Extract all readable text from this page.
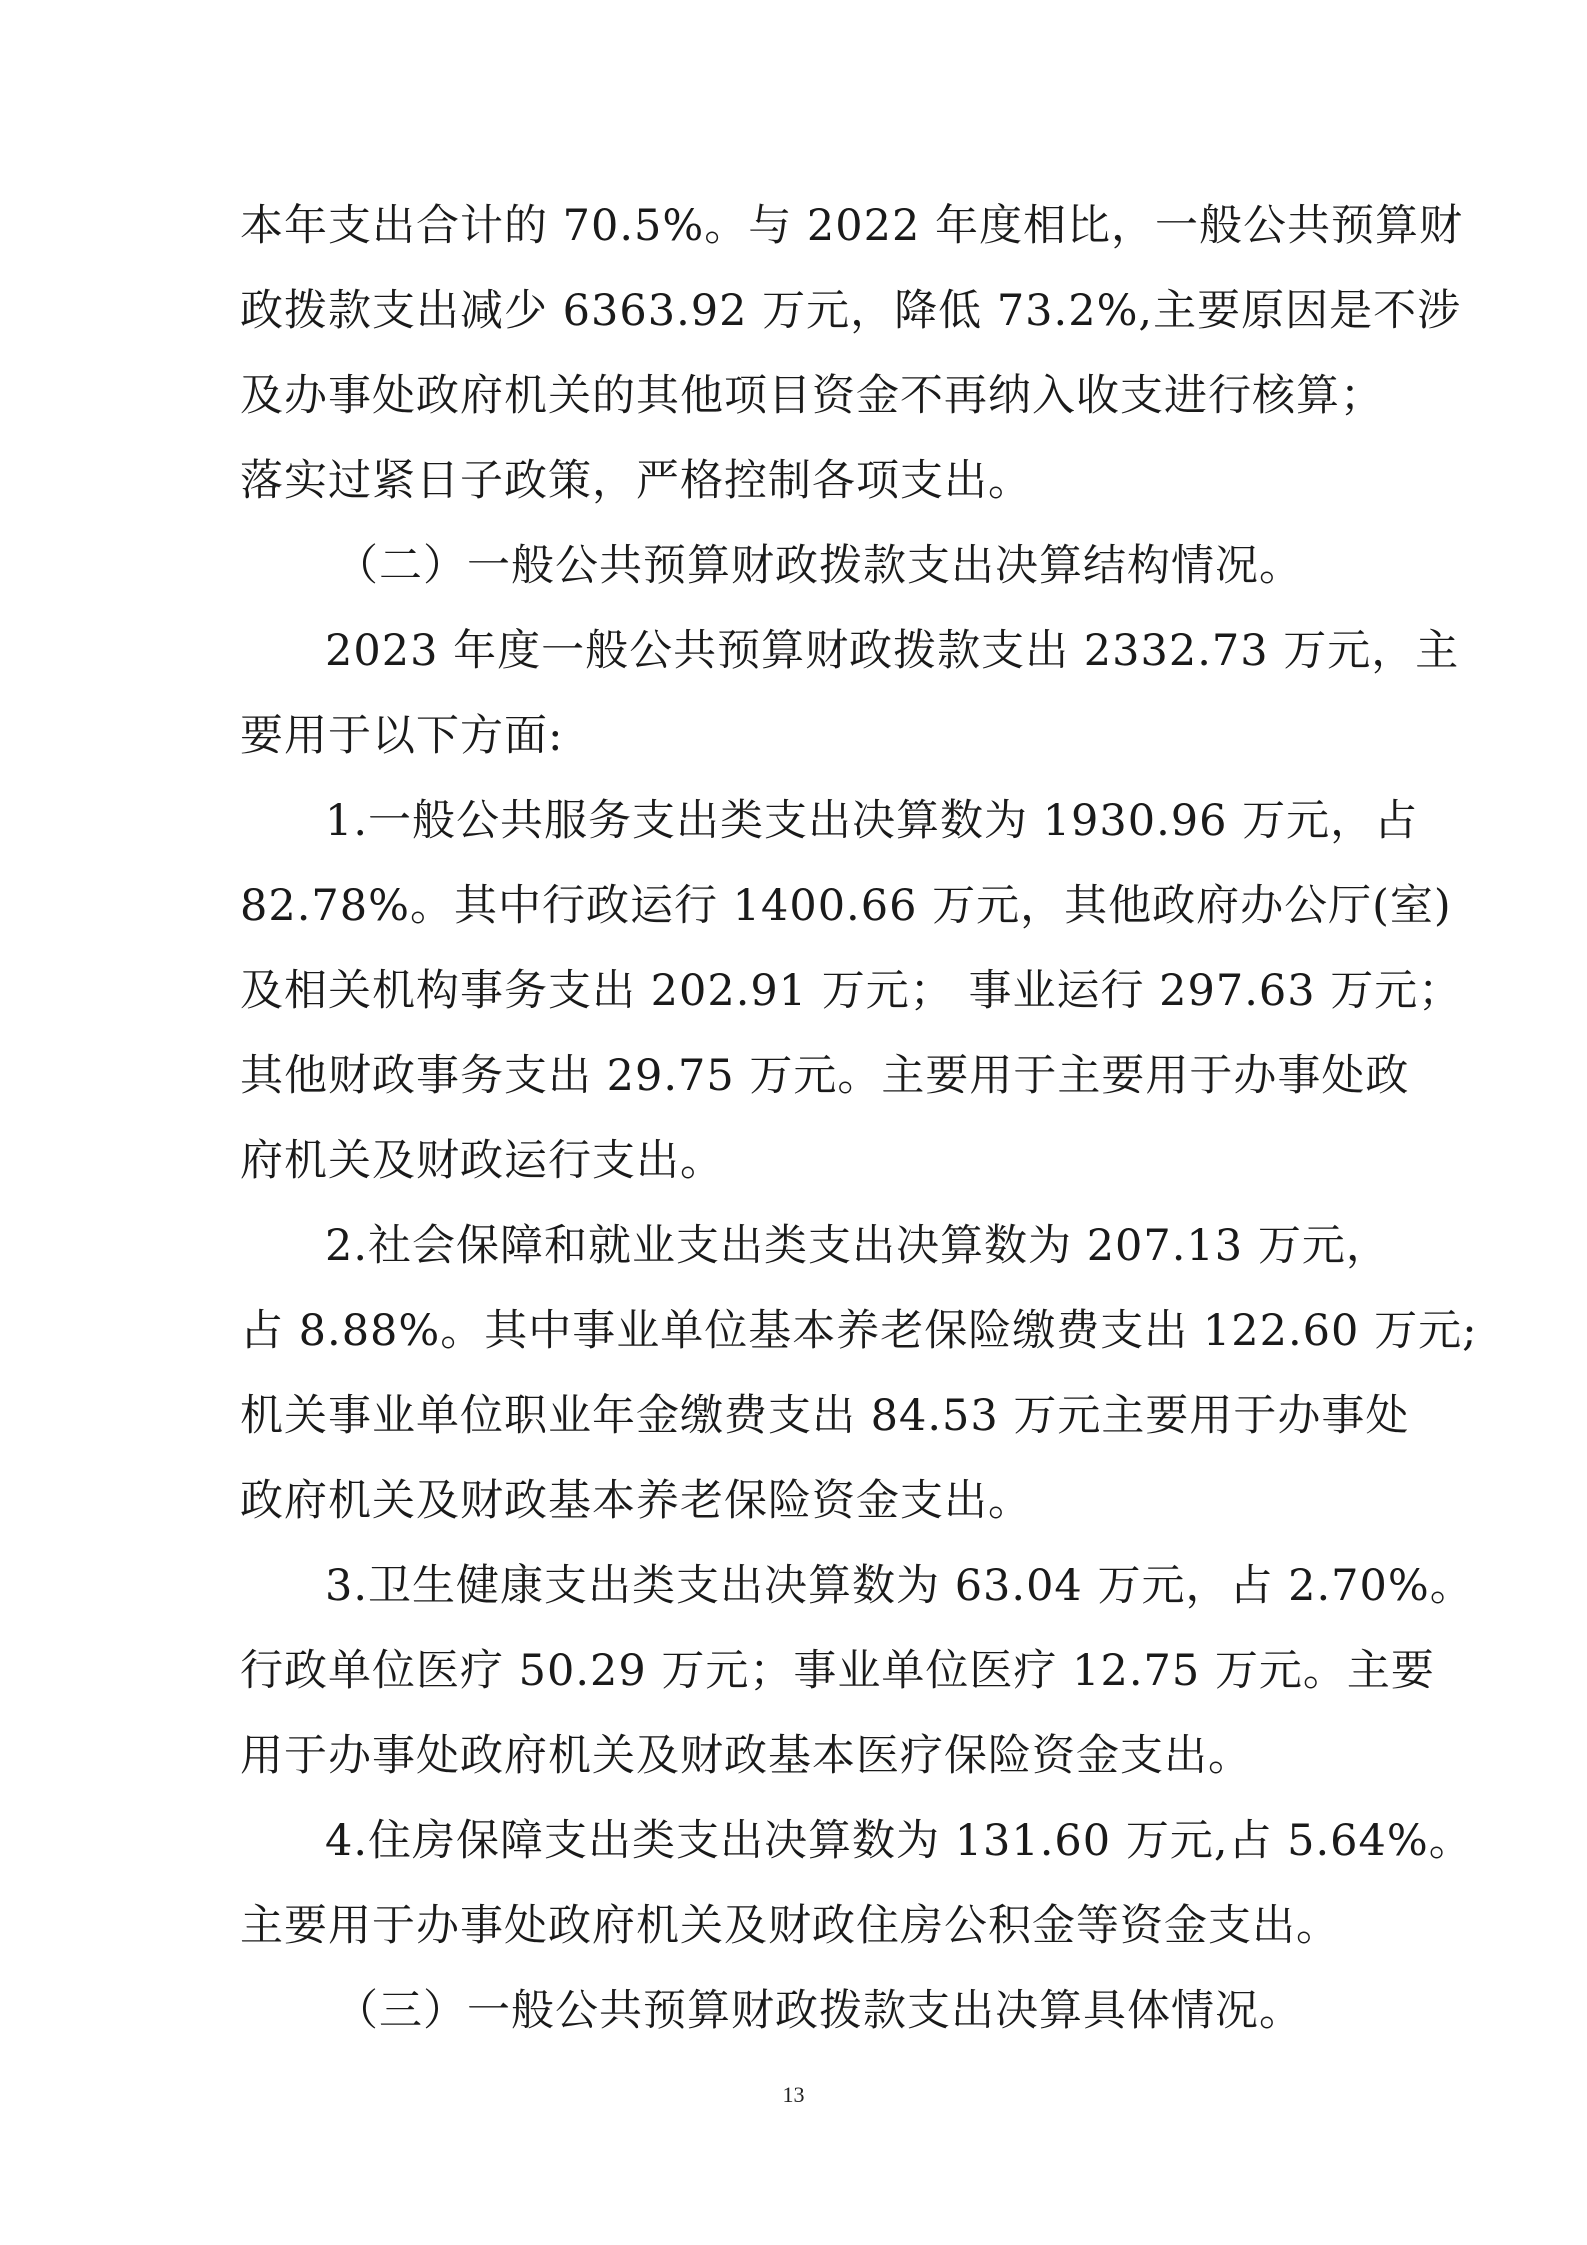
本年支出合计的 70.5%。与 2022 年度相比，一般公共预算财
政拨款支出减少 6363.92 万元，降低 73.2%,主要原因是不涉
及办事处政府机关的其他项目资金不再纳入收支进行核算；
落实过紧日子政策，严格控制各项支出。
（二）一般公共预算财政拨款支出决算结构情况。
2023 年度一般公共预算财政拨款支出 2332.73 万元，主
要用于以下方面:
1.一般公共服务支出类支出决算数为 1930.96 万元，占
82.78%。其中行政运行 1400.66 万元，其他政府办公厅(室)
及相关机构事务支出 202.91 万元； 事业运行 297.63 万元；
其他财政事务支出 29.75 万元。主要用于主要用于办事处政
府机关及财政运行支出。
2.社会保障和就业支出类支出决算数为 207.13 万元，
占 8.88%。其中事业单位基本养老保险缴费支出 122.60 万元;
机关事业单位职业年金缴费支出 84.53 万元主要用于办事处
政府机关及财政基本养老保险资金支出。
3.卫生健康支出类支出决算数为 63.04 万元，占 2.70%。
行政单位医疗 50.29 万元；事业单位医疗 12.75 万元。主要
用于办事处政府机关及财政基本医疗保险资金支出。
4.住房保障支出类支出决算数为 131.60 万元,占 5.64%。
主要用于办事处政府机关及财政住房公积金等资金支出。
（三）一般公共预算财政拨款支出决算具体情况。
13
